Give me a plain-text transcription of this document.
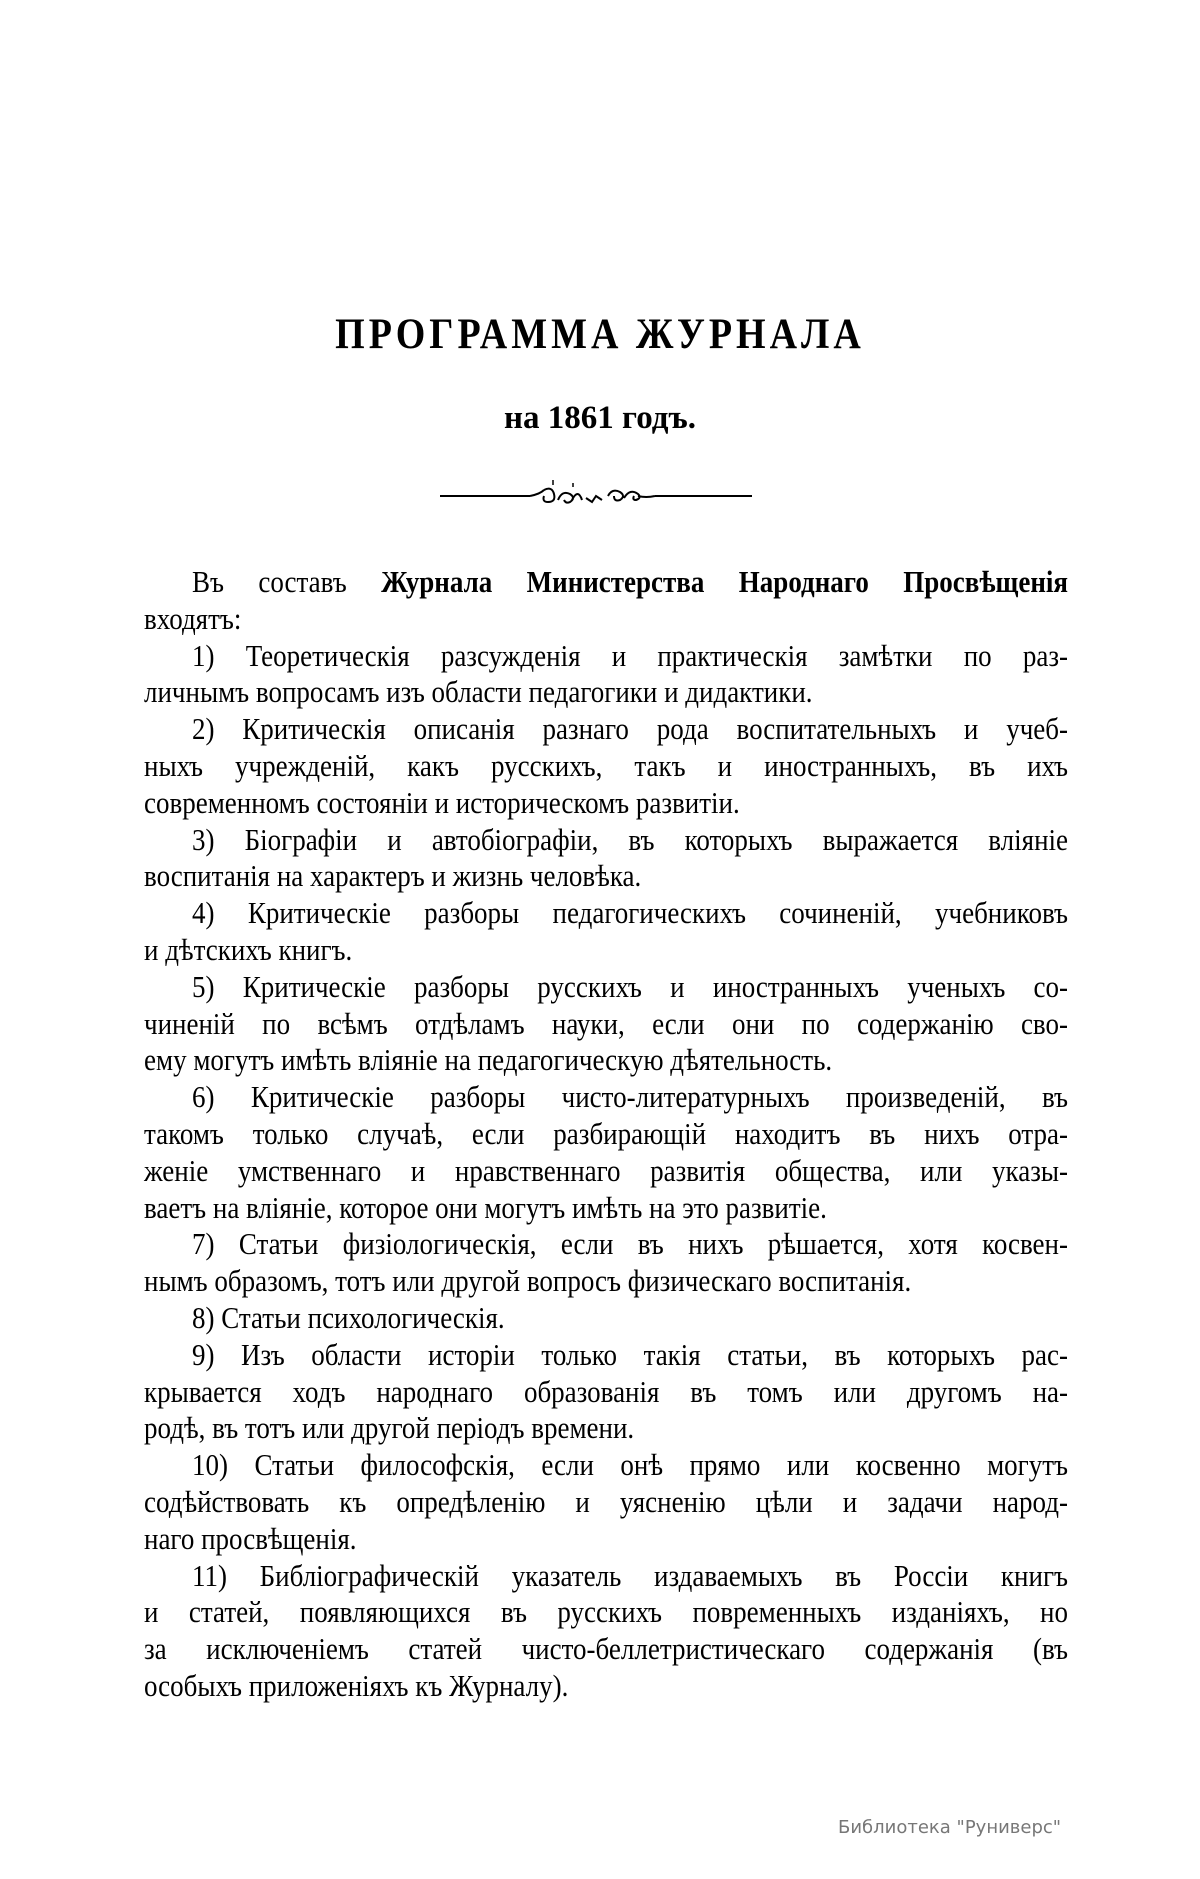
ПРОГРАММА ЖУРНАЛА
на 1861 годъ.
Въ составъ Журнала Министерства Народнаго Просвѣщенія
входятъ:
1) Теоретическія разсужденія и практическія замѣтки по раз-
личнымъ вопросамъ изъ области педагогики и дидактики.
2) Критическія описанія разнаго рода воспитательныхъ и учеб-
ныхъ учрежденій, какъ русскихъ, такъ и иностранныхъ, въ ихъ
современномъ состояніи и историческомъ развитіи.
3) Біографіи и автобіографіи, въ которыхъ выражается вліяніе
воспитанія на характеръ и жизнь человѣка.
4) Критическіе разборы педагогическихъ сочиненій, учебниковъ
и дѣтскихъ книгъ.
5) Критическіе разборы русскихъ и иностранныхъ ученыхъ со-
чиненій по всѣмъ отдѣламъ науки, если они по содержанію сво-
ему могутъ имѣть вліяніе на педагогическую дѣятельность.
6) Критическіе разборы чисто-литературныхъ произведеній, въ
такомъ только случаѣ, если разбирающій находитъ въ нихъ отра-
женіе умственнаго и нравственнаго развитія общества, или указы-
ваетъ на вліяніе, которое они могутъ имѣть на это развитіе.
7) Статьи физіологическія, если въ нихъ рѣшается, хотя косвен-
нымъ образомъ, тотъ или другой вопросъ физическаго воспитанія.
8) Статьи психологическія.
9) Изъ области исторіи только такія статьи, въ которыхъ рас-
крывается ходъ народнаго образованія въ томъ или другомъ на-
родѣ, въ тотъ или другой періодъ времени.
10) Статьи философскія, если онѣ прямо или косвенно могутъ
содѣйствовать къ опредѣленію и уясненію цѣли и задачи народ-
наго просвѣщенія.
11) Библіографическій указатель издаваемыхъ въ Россіи книгъ
и статей, появляющихся въ русскихъ повременныхъ изданіяхъ, но
за исключеніемъ статей чисто-беллетристическаго содержанія (въ
особыхъ приложеніяхъ къ Журналу).
Библиотека "Руниверс"
